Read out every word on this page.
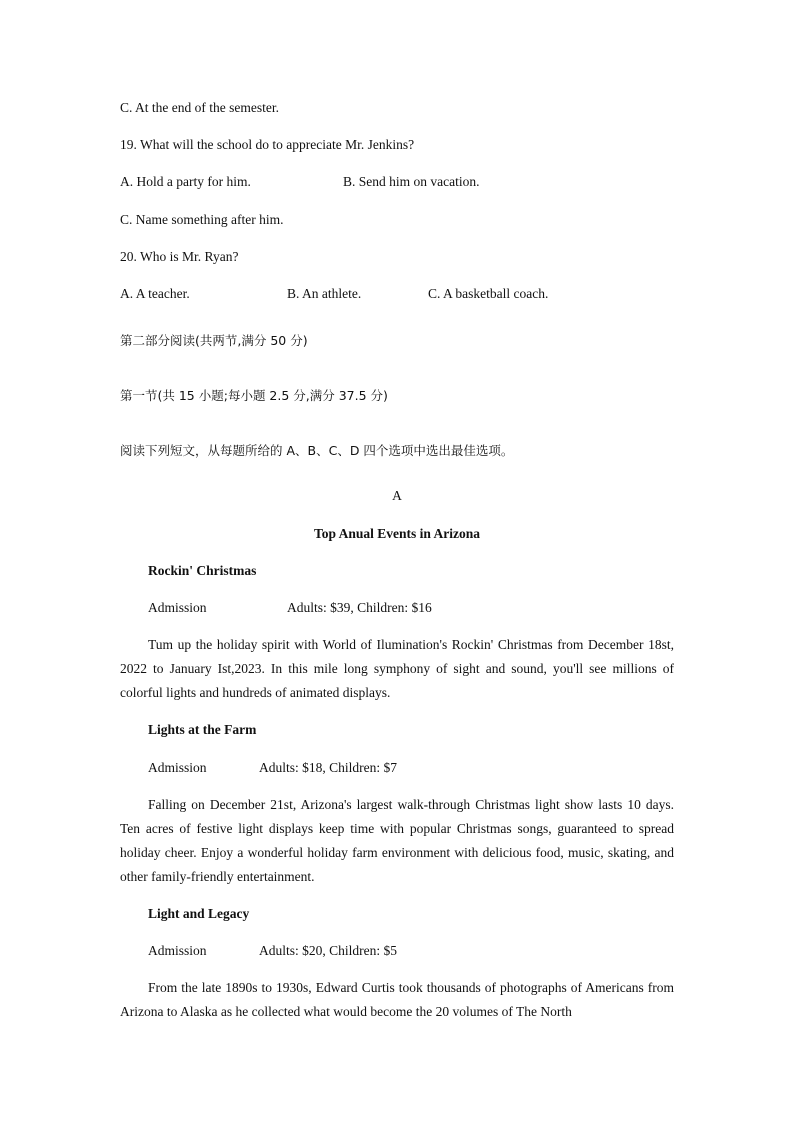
C. At the end of the semester.
19. What will the school do to appreciate Mr. Jenkins?
A. Hold a party for him.	B. Send him on vacation.
C. Name something after him.
20. Who is Mr. Ryan?
A. A teacher.	B. An athlete.	C. A basketball coach.
第二部分阅读(共两节,满分 50 分)
第一节(共 15 小题;每小题 2.5 分,满分 37.5 分)
阅读下列短文，从每题所给的 A、B、C、D 四个选项中选出最佳选项。
A
Top Anual Events in Arizona
Rockin' Christmas
Admission	Adults: $39, Children: $16
Tum up the holiday spirit with World of Ilumination's Rockin' Christmas from December 18st, 2022 to January Ist,2023. In this mile long symphony of sight and sound, you'll see millions of colorful lights and hundreds of animated displays.
Lights at the Farm
Admission	Adults: $18, Children: $7
Falling on December 21st, Arizona's largest walk-through Christmas light show lasts 10 days. Ten acres of festive light displays keep time with popular Christmas songs, guaranteed to spread holiday cheer. Enjoy a wonderful holiday farm environment with delicious food, music, skating, and other family-friendly entertainment.
Light and Legacy
Admission	Adults: $20, Children: $5
From the late 1890s to 1930s, Edward Curtis took thousands of photographs of Americans from Arizona to Alaska as he collected what would become the 20 volumes of The North
